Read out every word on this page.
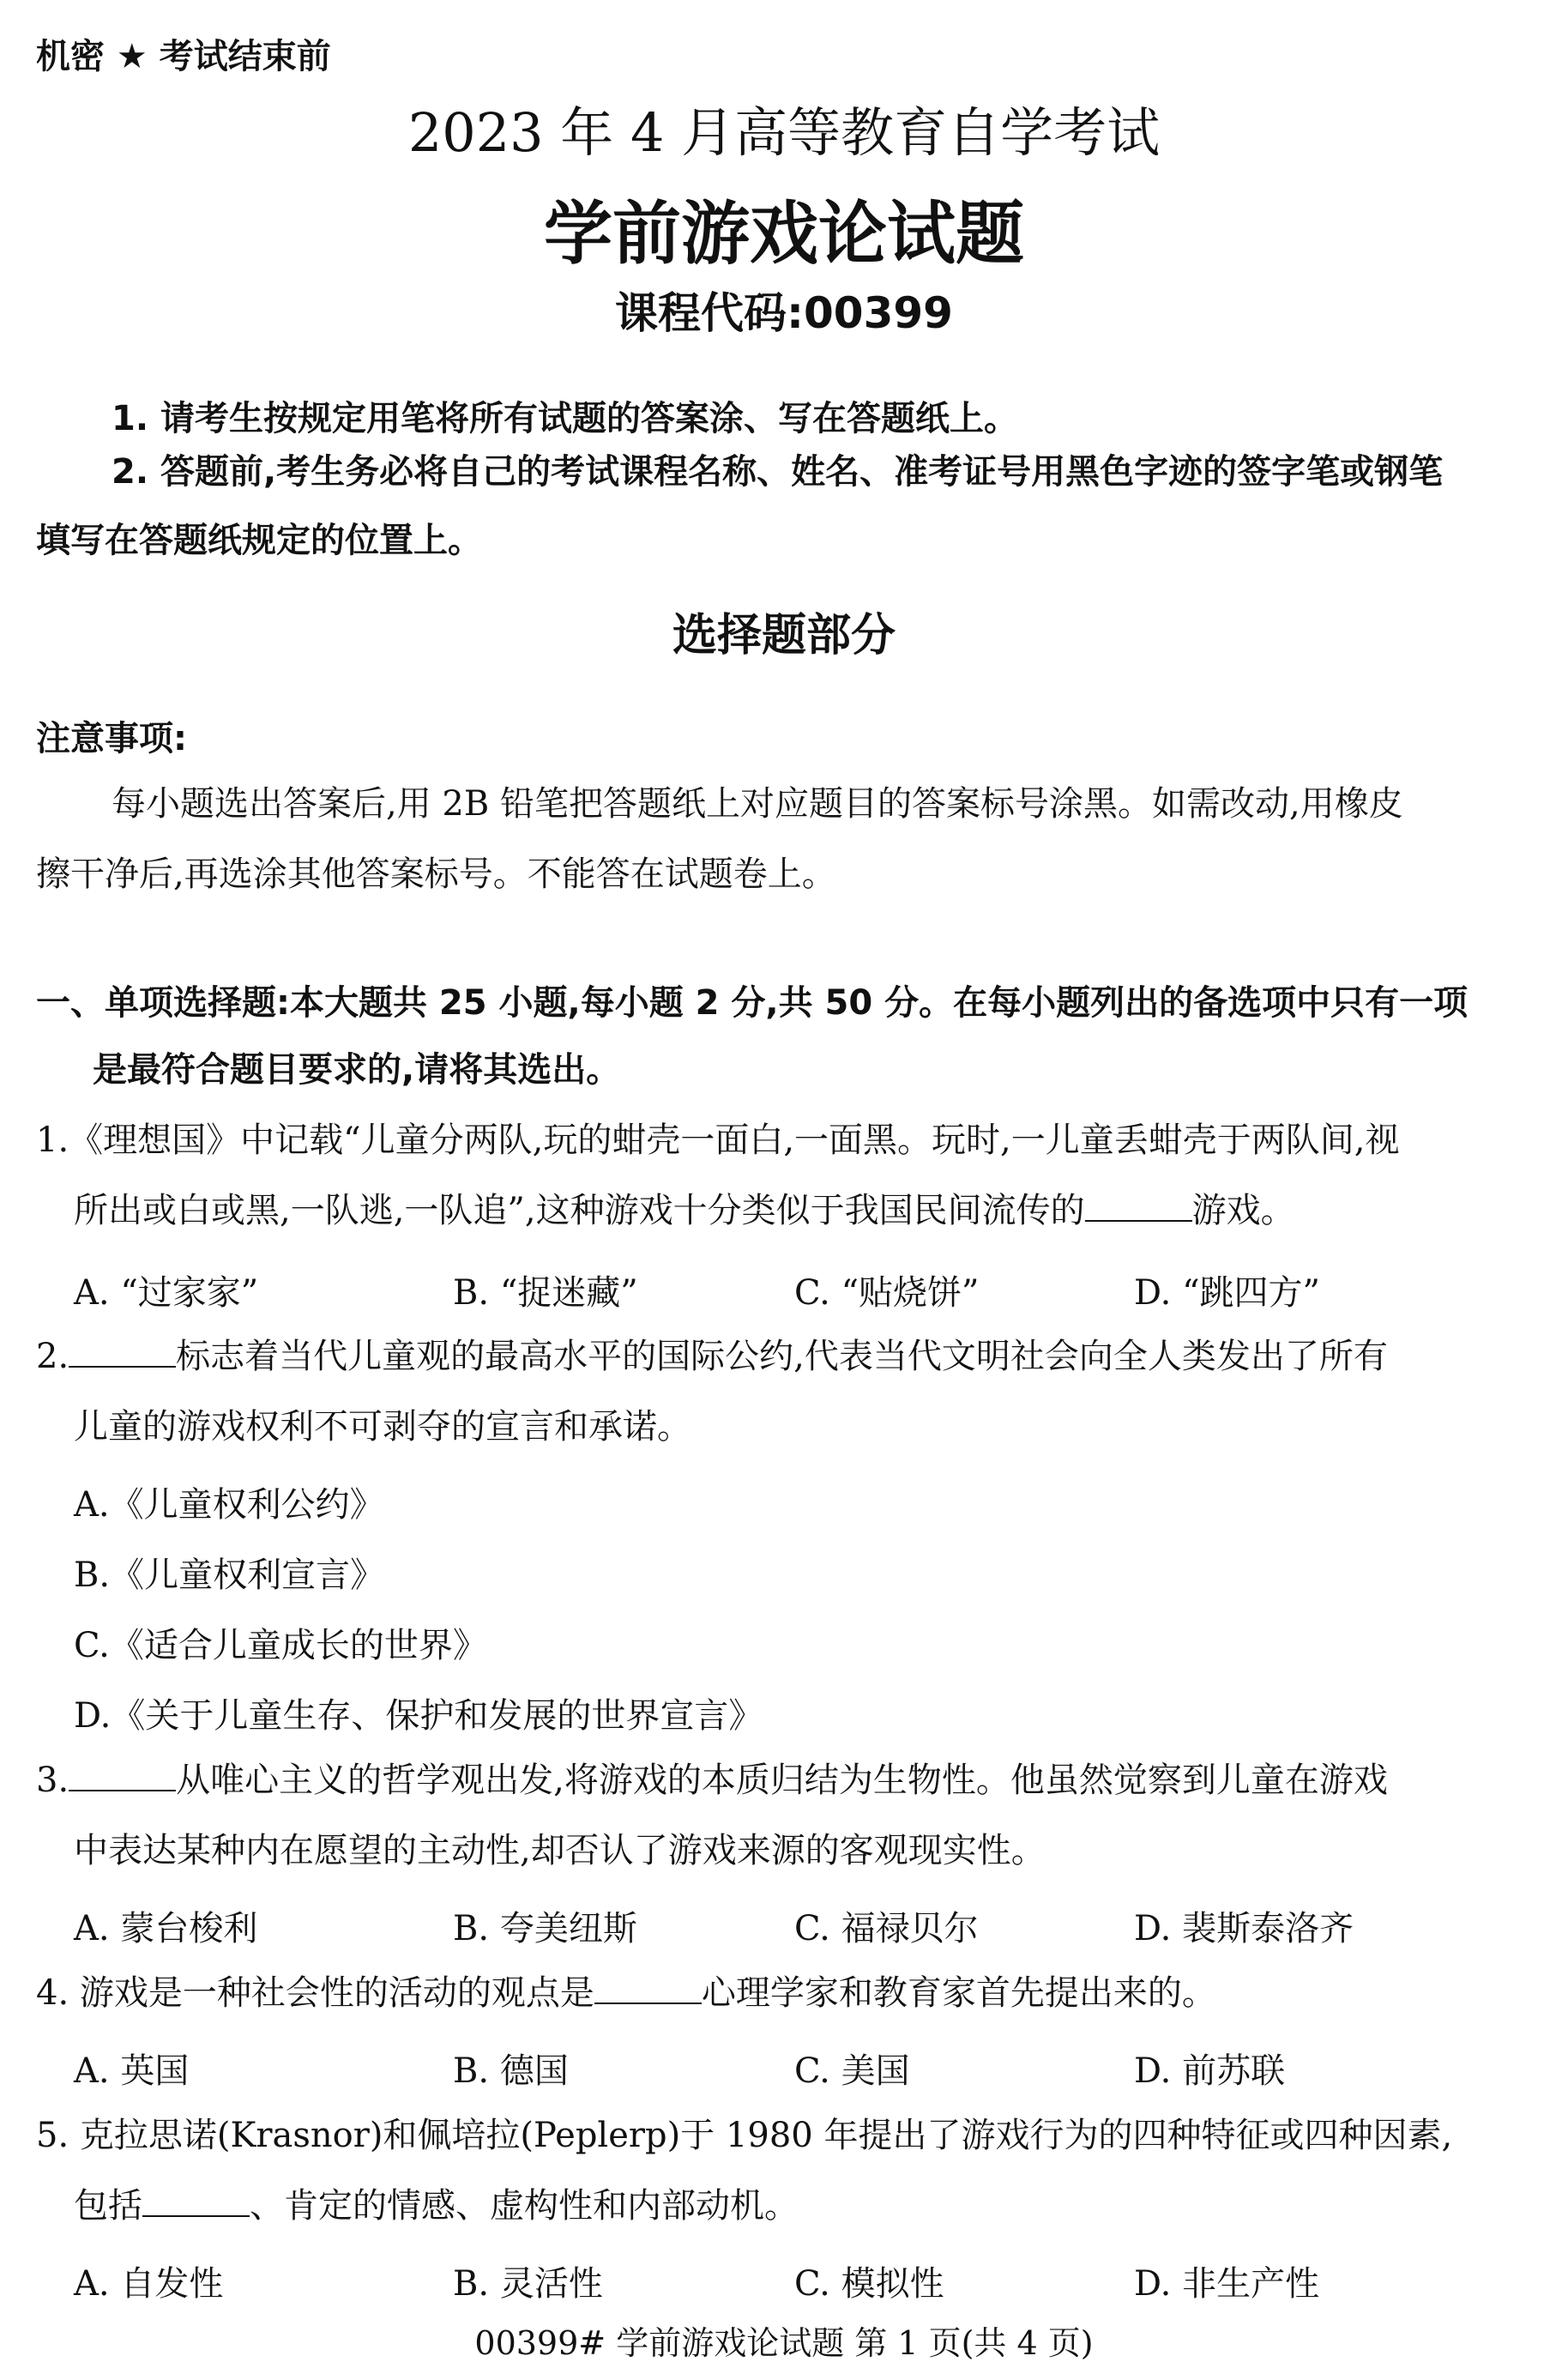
机密 ★ 考试结束前
2023 年 4 月高等教育自学考试
学前游戏论试题
课程代码:00399
1. 请考生按规定用笔将所有试题的答案涂、写在答题纸上。
2. 答题前,考生务必将自己的考试课程名称、姓名、准考证号用黑色字迹的签字笔或钢笔
填写在答题纸规定的位置上。
选择题部分
注意事项:
每小题选出答案后,用 2B 铅笔把答题纸上对应题目的答案标号涂黑。如需改动,用橡皮
擦干净后,再选涂其他答案标号。不能答在试题卷上。
一、单项选择题:本大题共 25 小题,每小题 2 分,共 50 分。在每小题列出的备选项中只有一项
是最符合题目要求的,请将其选出。
1.《理想国》中记载“儿童分两队,玩的蚶壳一面白,一面黑。玩时,一儿童丢蚶壳于两队间,视
所出或白或黑,一队逃,一队追”,这种游戏十分类似于我国民间流传的	游戏。
A. “过家家”	B. “捉迷藏”	C. “贴烧饼”	D. “跳四方”
2.	标志着当代儿童观的最高水平的国际公约,代表当代文明社会向全人类发出了所有
儿童的游戏权利不可剥夺的宣言和承诺。
A.《儿童权利公约》
B.《儿童权利宣言》
C.《适合儿童成长的世界》
D.《关于儿童生存、保护和发展的世界宣言》
3.	从唯心主义的哲学观出发,将游戏的本质归结为生物性。他虽然觉察到儿童在游戏
中表达某种内在愿望的主动性,却否认了游戏来源的客观现实性。
A. 蒙台梭利	B. 夸美纽斯	C. 福禄贝尔	D. 裴斯泰洛齐
4. 游戏是一种社会性的活动的观点是	心理学家和教育家首先提出来的。
A. 英国	B. 德国	C. 美国	D. 前苏联
5. 克拉思诺(Krasnor)和佩培拉(Peplerp)于 1980 年提出了游戏行为的四种特征或四种因素,
包括	、肯定的情感、虚构性和内部动机。
A. 自发性	B. 灵活性	C. 模拟性	D. 非生产性
00399# 学前游戏论试题 第 1 页(共 4 页)
